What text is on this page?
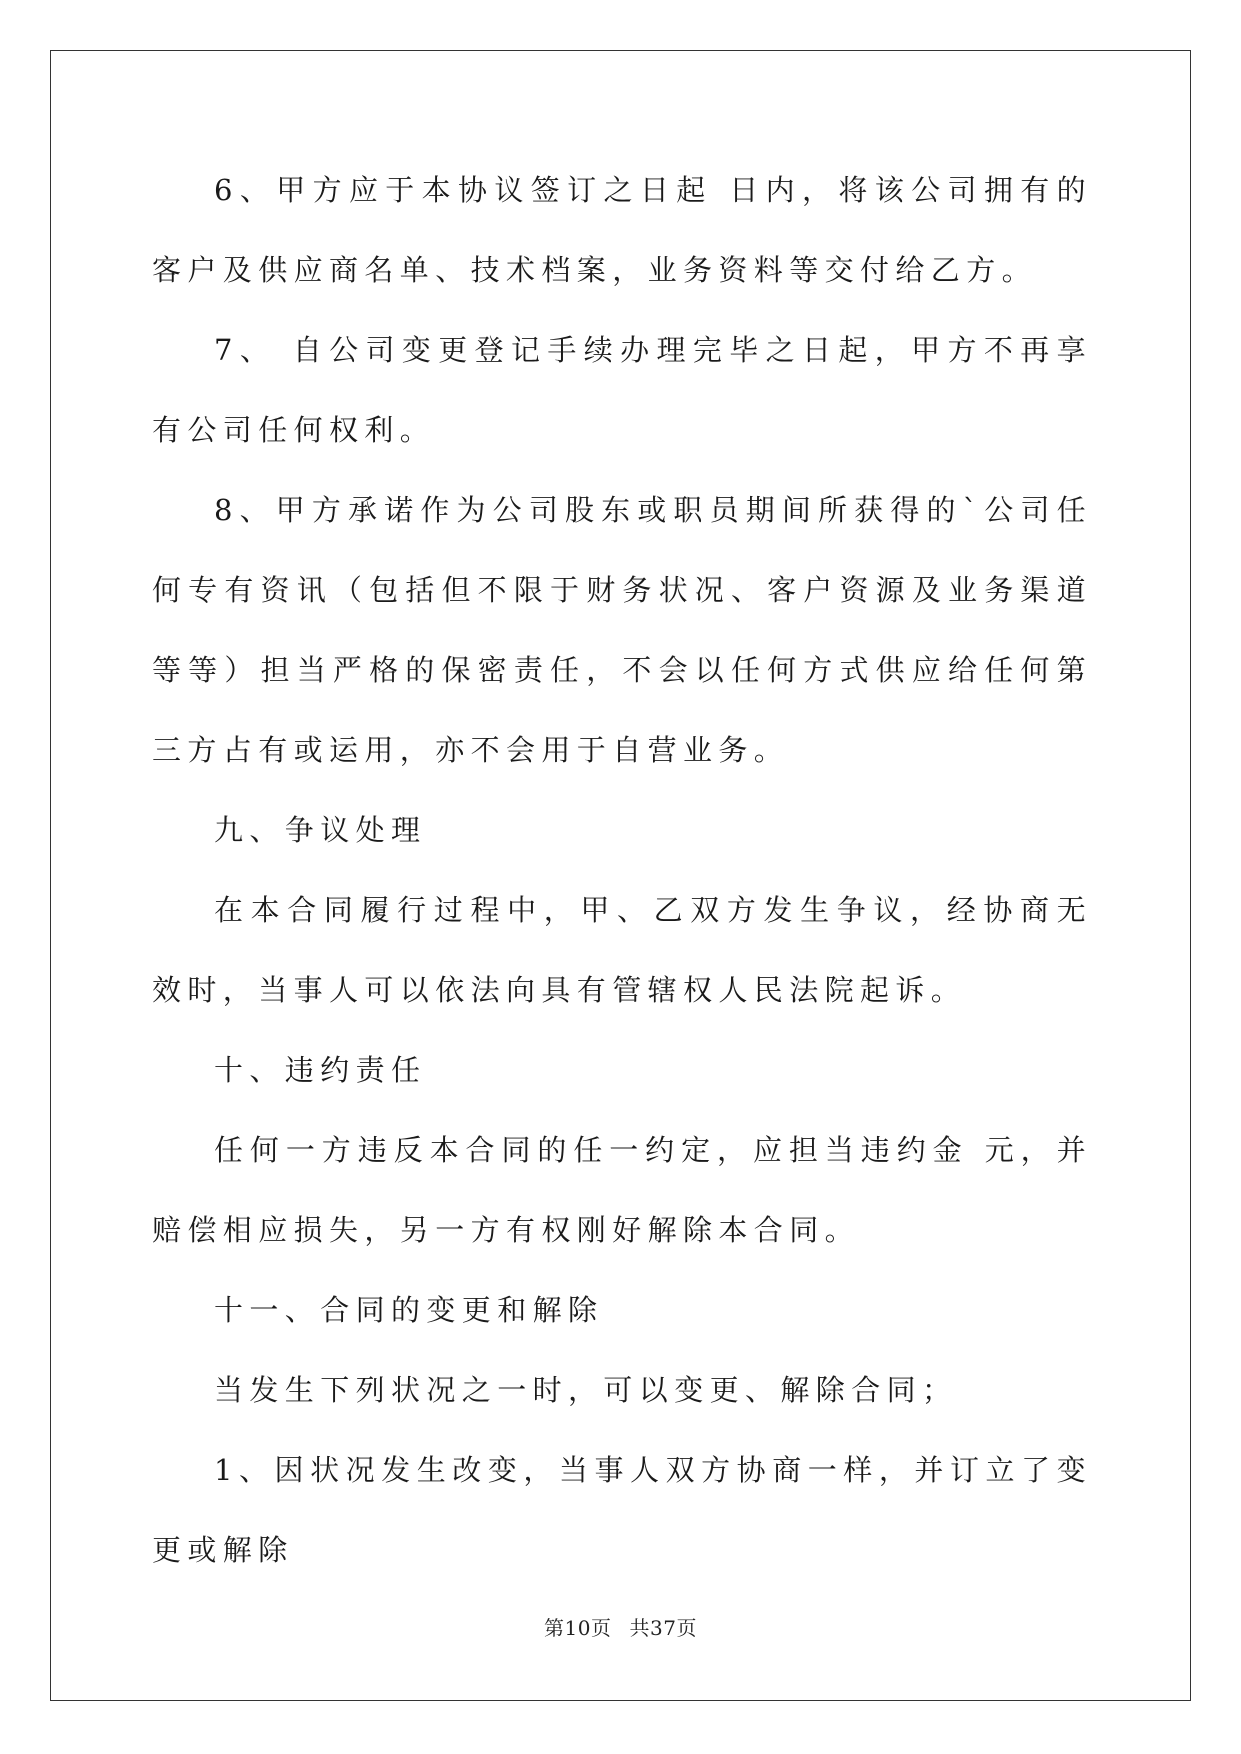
6、甲方应于本协议签订之日起 日内，将该公司拥有的客户及供应商名单、技术档案，业务资料等交付给乙方。

7、 自公司变更登记手续办理完毕之日起，甲方不再享有公司任何权利。

8、甲方承诺作为公司股东或职员期间所获得的`公司任何专有资讯（包括但不限于财务状况、客户资源及业务渠道等等）担当严格的保密责任，不会以任何方式供应给任何第三方占有或运用，亦不会用于自营业务。

九、争议处理

在本合同履行过程中，甲、乙双方发生争议，经协商无效时，当事人可以依法向具有管辖权人民法院起诉。

十、违约责任

任何一方违反本合同的任一约定，应担当违约金 元，并赔偿相应损失，另一方有权刚好解除本合同。

十一、合同的变更和解除

当发生下列状况之一时，可以变更、解除合同；

1、因状况发生改变，当事人双方协商一样，并订立了变更或解除

第10页 共37页
